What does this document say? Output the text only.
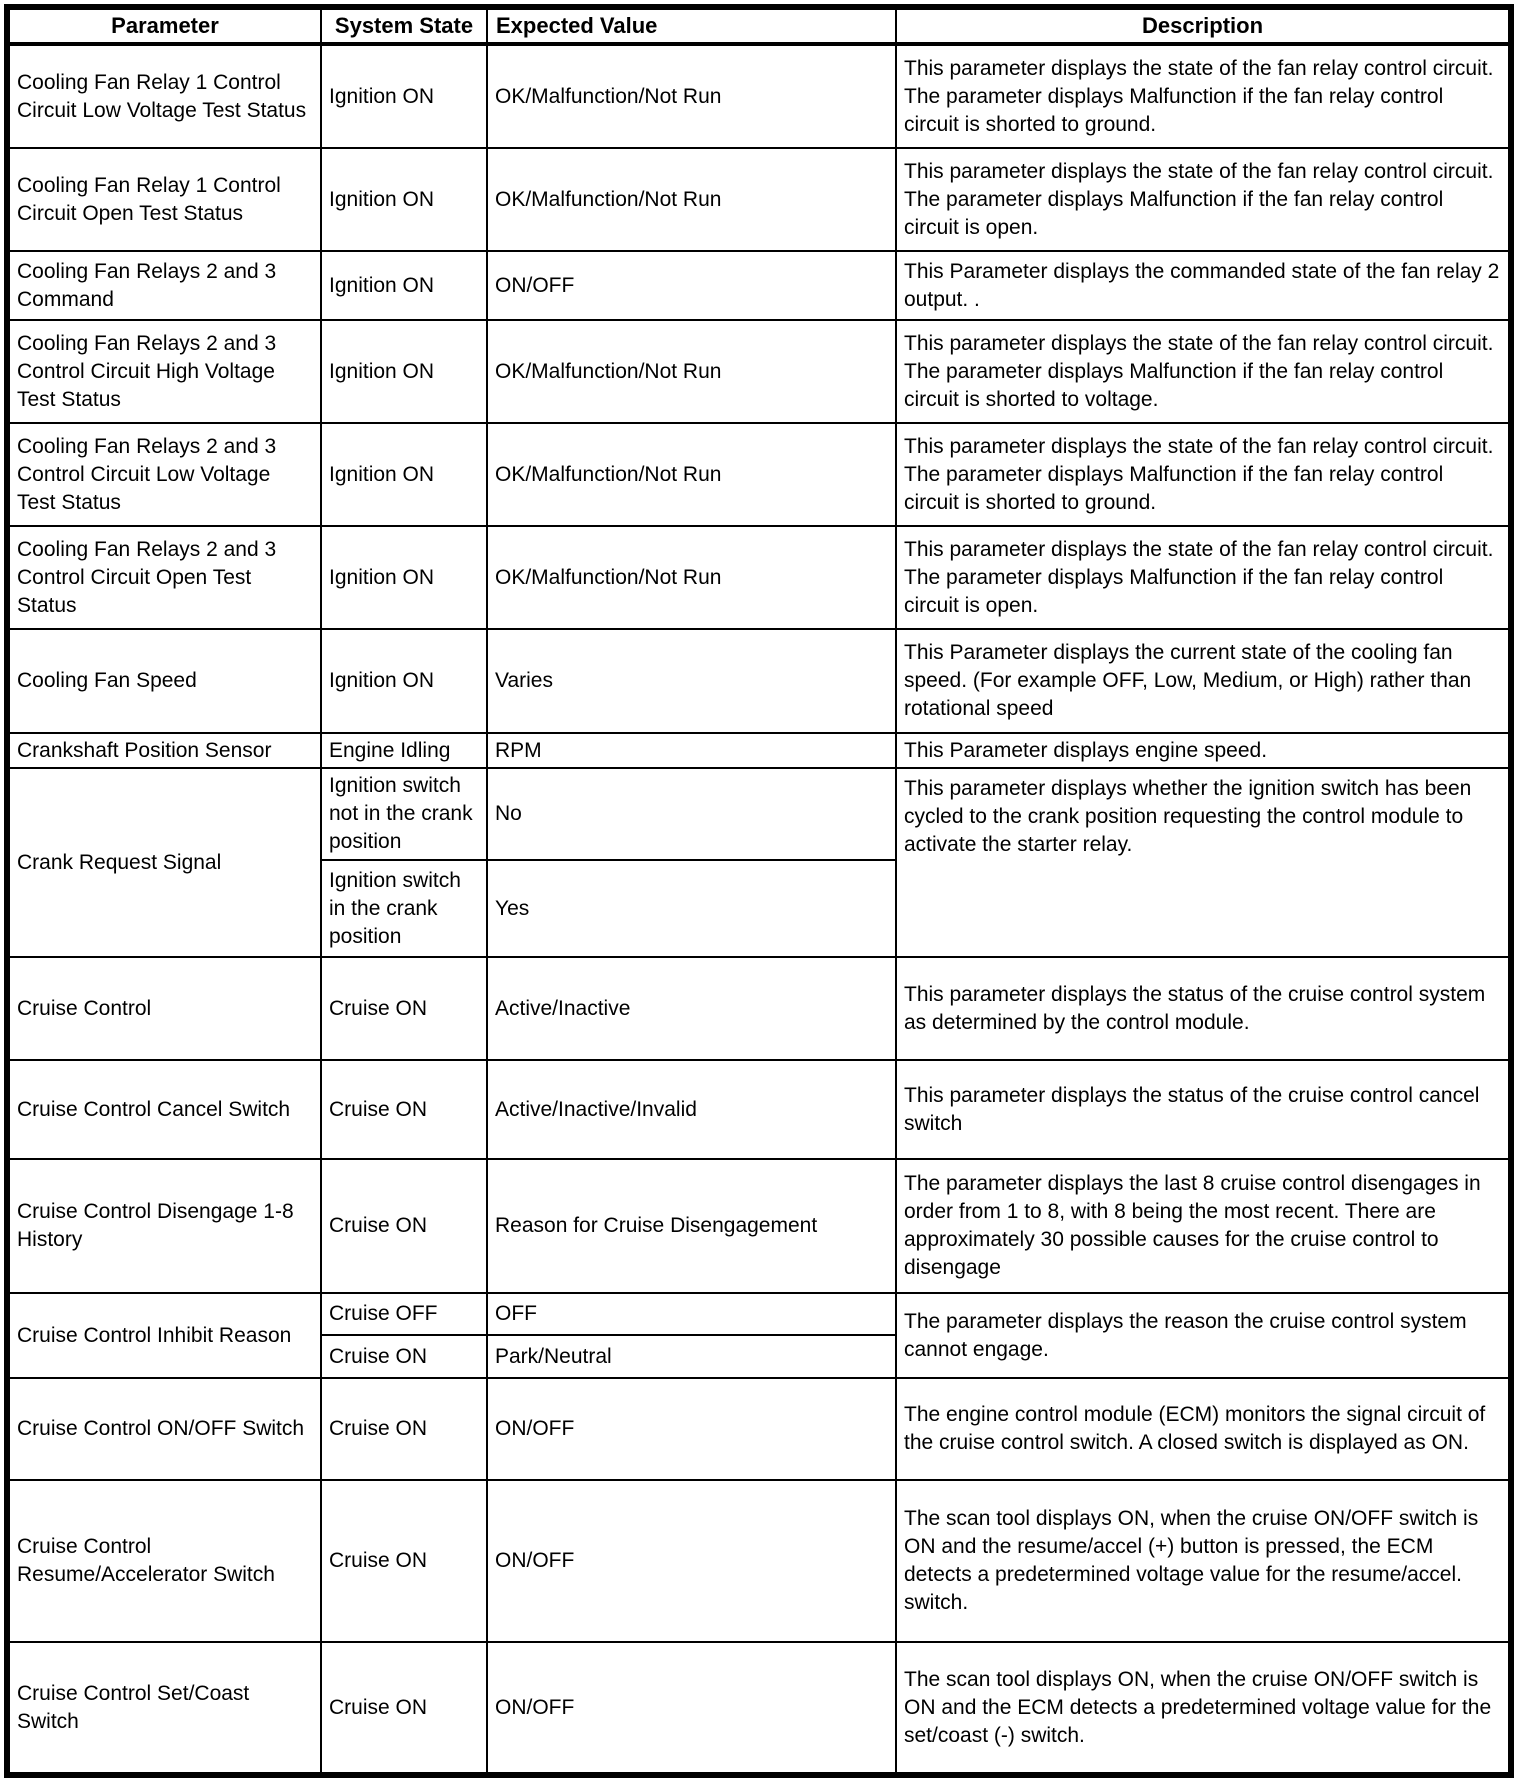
Parameter	System State	Expected Value	Description
Cooling Fan Relay 1 Control Circuit Low Voltage Test Status	Ignition ON	OK/Malfunction/Not Run	This parameter displays the state of the fan relay control circuit. The parameter displays Malfunction if the fan relay control circuit is shorted to ground.
Cooling Fan Relay 1 Control Circuit Open Test Status	Ignition ON	OK/Malfunction/Not Run	This parameter displays the state of the fan relay control circuit. The parameter displays Malfunction if the fan relay control circuit is open.
Cooling Fan Relays 2 and 3 Command	Ignition ON	ON/OFF	This Parameter displays the commanded state of the fan relay 2 output. .
Cooling Fan Relays 2 and 3 Control Circuit High Voltage Test Status	Ignition ON	OK/Malfunction/Not Run	This parameter displays the state of the fan relay control circuit. The parameter displays Malfunction if the fan relay control circuit is shorted to voltage.
Cooling Fan Relays 2 and 3 Control Circuit Low Voltage Test Status	Ignition ON	OK/Malfunction/Not Run	This parameter displays the state of the fan relay control circuit. The parameter displays Malfunction if the fan relay control circuit is shorted to ground.
Cooling Fan Relays 2 and 3 Control Circuit Open Test Status	Ignition ON	OK/Malfunction/Not Run	This parameter displays the state of the fan relay control circuit. The parameter displays Malfunction if the fan relay control circuit is open.
Cooling Fan Speed	Ignition ON	Varies	This Parameter displays the current state of the cooling fan speed. (For example OFF, Low, Medium, or High) rather than rotational speed
Crankshaft Position Sensor	Engine Idling	RPM	This Parameter displays engine speed.
Crank Request Signal	Ignition switch not in the crank position	No	This parameter displays whether the ignition switch has been cycled to the crank position requesting the control module to activate the starter relay.
	Ignition switch in the crank position	Yes	
Cruise Control	Cruise ON	Active/Inactive	This parameter displays the status of the cruise control system as determined by the control module.
Cruise Control Cancel Switch	Cruise ON	Active/Inactive/Invalid	This parameter displays the status of the cruise control cancel switch
Cruise Control Disengage 1-8 History	Cruise ON	Reason for Cruise Disengagement	The parameter displays the last 8 cruise control disengages in order from 1 to 8, with 8 being the most recent. There are approximately 30 possible causes for the cruise control to disengage
Cruise Control Inhibit Reason	Cruise OFF	OFF	The parameter displays the reason the cruise control system cannot engage.
	Cruise ON	Park/Neutral	
Cruise Control ON/OFF Switch	Cruise ON	ON/OFF	The engine control module (ECM) monitors the signal circuit of the cruise control switch. A closed switch is displayed as ON.
Cruise Control Resume/Accelerator Switch	Cruise ON	ON/OFF	The scan tool displays ON, when the cruise ON/OFF switch is ON and the resume/accel (+) button is pressed, the ECM detects a predetermined voltage value for the resume/accel. switch.
Cruise Control Set/Coast Switch	Cruise ON	ON/OFF	The scan tool displays ON, when the cruise ON/OFF switch is ON and the ECM detects a predetermined voltage value for the set/coast (-) switch.
